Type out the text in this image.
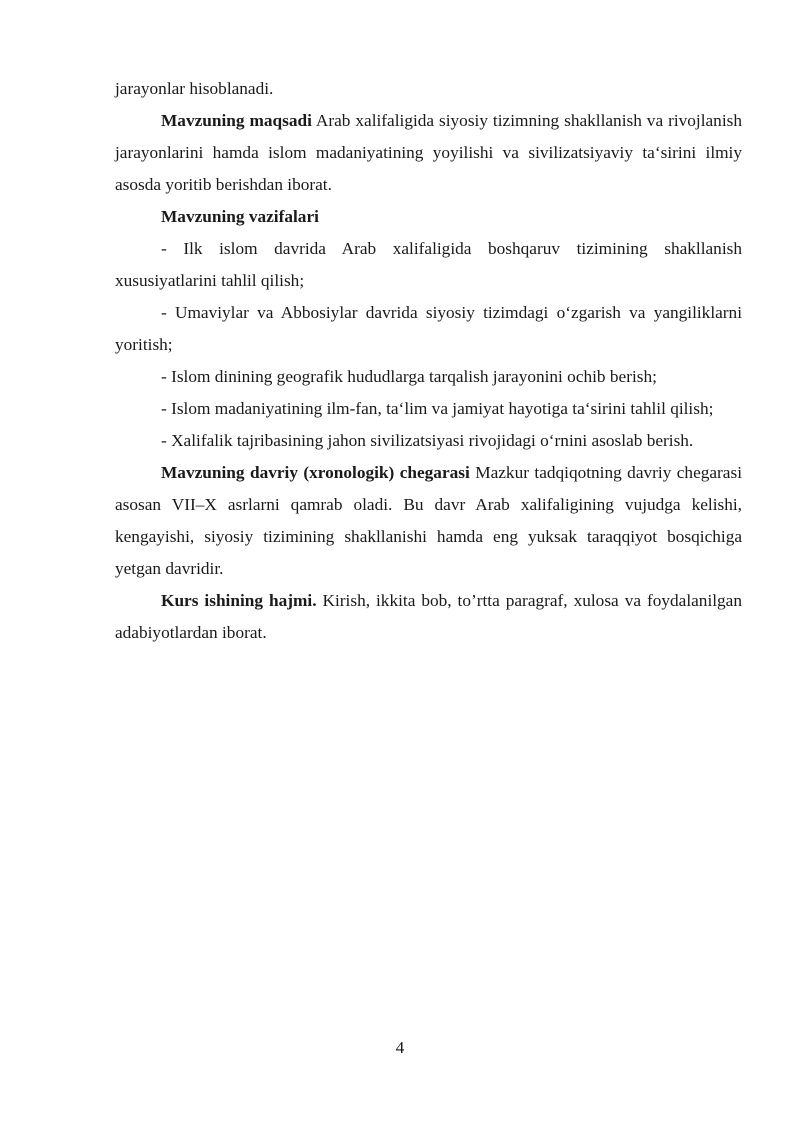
jarayonlar hisoblanadi.

Mavzuning maqsadi Arab xalifaligida siyosiy tizimning shakllanish va rivojlanish jarayonlarini hamda islom madaniyatining yoyilishi va sivilizatsiyaviy ta‘sirini ilmiy asosda yoritib berishdan iborat.

Mavzuning vazifalari

- Ilk islom davrida Arab xalifaligida boshqaruv tizimining shakllanish xususiyatlarini tahlil qilish;

- Umaviylar va Abbosiylar davrida siyosiy tizimdagi o‘zgarish va yangiliklarni yoritish;

- Islom dinining geografik hududlarga tarqalish jarayonini ochib berish;

- Islom madaniyatining ilm-fan, ta‘lim va jamiyat hayotiga ta‘sirini tahlil qilish;

- Xalifalik tajribasining jahon sivilizatsiyasi rivojidagi o‘rnini asoslab berish.

Mavzuning davriy (xronologik) chegarasi Mazkur tadqiqotning davriy chegarasi asosan VII–X asrlarni qamrab oladi. Bu davr Arab xalifaligining vujudga kelishi, kengayishi, siyosiy tizimining shakllanishi hamda eng yuksak taraqqiyot bosqichiga yetgan davridir.

Kurs ishining hajmi. Kirish, ikkita bob, to’rtta paragraf, xulosa va foydalanilgan adabiyotlardan iborat.

4
